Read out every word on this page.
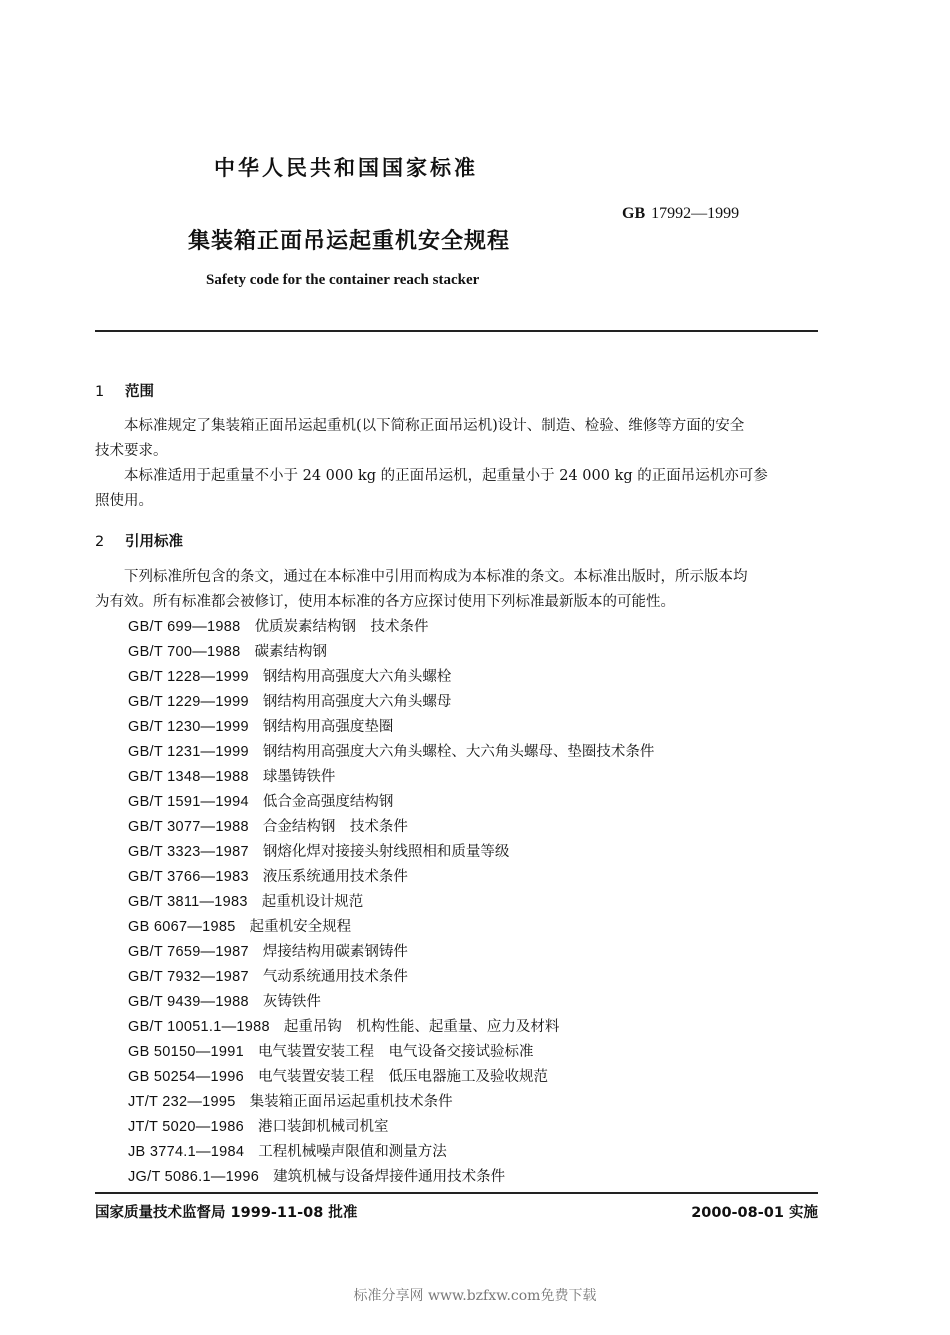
中华人民共和国国家标准
GB 17992—1999
集装箱正面吊运起重机安全规程
Safety code for the container reach stacker
1 范围
本标准规定了集装箱正面吊运起重机(以下简称正面吊运机)设计、制造、检验、维修等方面的安全
技术要求。
本标准适用于起重量不小于 24 000 kg 的正面吊运机，起重量小于 24 000 kg 的正面吊运机亦可参
照使用。
2 引用标准
下列标准所包含的条文，通过在本标准中引用而构成为本标准的条文。本标准出版时，所示版本均
为有效。所有标准都会被修订，使用本标准的各方应探讨使用下列标准最新版本的可能性。
GB/T 699—1988 优质炭素结构钢　技术条件
GB/T 700—1988 碳素结构钢
GB/T 1228—1999 钢结构用高强度大六角头螺栓
GB/T 1229—1999 钢结构用高强度大六角头螺母
GB/T 1230—1999 钢结构用高强度垫圈
GB/T 1231—1999 钢结构用高强度大六角头螺栓、大六角头螺母、垫圈技术条件
GB/T 1348—1988 球墨铸铁件
GB/T 1591—1994 低合金高强度结构钢
GB/T 3077—1988 合金结构钢　技术条件
GB/T 3323—1987 钢熔化焊对接接头射线照相和质量等级
GB/T 3766—1983 液压系统通用技术条件
GB/T 3811—1983 起重机设计规范
GB 6067—1985 起重机安全规程
GB/T 7659—1987 焊接结构用碳素钢铸件
GB/T 7932—1987 气动系统通用技术条件
GB/T 9439—1988 灰铸铁件
GB/T 10051.1—1988 起重吊钩　机构性能、起重量、应力及材料
GB 50150—1991 电气装置安装工程　电气设备交接试验标准
GB 50254—1996 电气装置安装工程　低压电器施工及验收规范
JT/T 232—1995 集装箱正面吊运起重机技术条件
JT/T 5020—1986 港口装卸机械司机室
JB 3774.1—1984 工程机械噪声限值和测量方法
JG/T 5086.1—1996 建筑机械与设备焊接件通用技术条件
国家质量技术监督局 1999-11-08 批准	2000-08-01 实施
标准分享网 www.bzfxw.com免费下载
